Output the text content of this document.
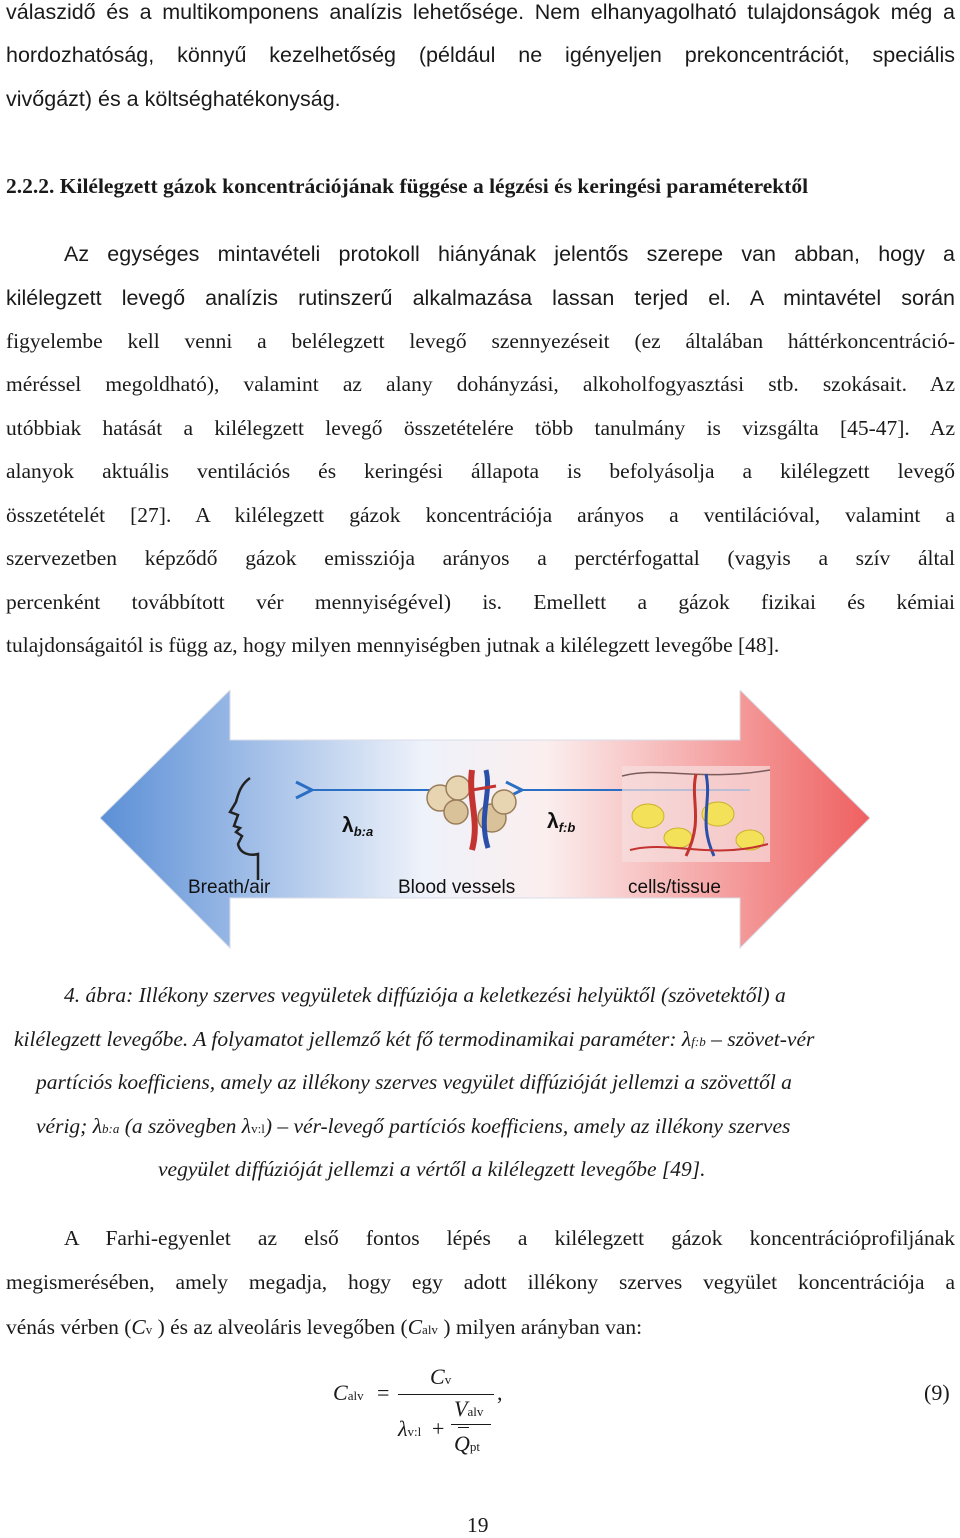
válaszidő és a multikomponens analízis lehetősége. Nem elhanyagolható tulajdonságok még a
hordozhatóság, könnyű kezelhetőség (például ne igényeljen prekoncentrációt, speciális
vivőgázt) és a költséghatékonyság.
2.2.2. Kilélegzett gázok koncentrációjának függése a légzési és keringési paraméterektől
Az egységes mintavételi protokoll hiányának jelentős szerepe van abban, hogy a
kilélegzett levegő analízis rutinszerű alkalmazása lassan terjed el. A mintavétel során
figyelembe kell venni a belélegzett levegő szennyezéseit (ez általában háttérkoncentráció-
méréssel megoldható), valamint az alany dohányzási, alkoholfogyasztási stb. szokásait. Az
utóbbiak hatását a kilélegzett levegő összetételére több tanulmány is vizsgálta [45-47]. Az
alanyok aktuális ventilációs és keringési állapota is befolyásolja a kilélegzett levegő
összetételét [27]. A kilélegzett gázok koncentrációja arányos a ventilációval, valamint a
szervezetben képződő gázok emissziója arányos a perctérfogattal (vagyis a szív által
percenként továbbított vér mennyiségével) is. Emellett a gázok fizikai és kémiai
tulajdonságaitól is függ az, hogy milyen mennyiségben jutnak a kilélegzett levegőbe [48].
λb:a	λf:b
Breath/air	Blood vessels	cells/tissue
4. ábra: Illékony szerves vegyületek diffúziója a keletkezési helyüktől (szövetektől) a
kilélegzett levegőbe. A folyamatot jellemző két fő termodinamikai paraméter: λf:b – szövet-vér
partíciós koefficiens, amely az illékony szerves vegyület diffúzióját jellemzi a szövettől a
vérig; λb:a (a szövegben λv:l) – vér-levegő partíciós koefficiens, amely az illékony szerves
vegyület diffúzióját jellemzi a vértől a kilélegzett levegőbe [49].
A Farhi-egyenlet az első fontos lépés a kilélegzett gázok koncentrációprofiljának
megismerésében, amely megadja, hogy egy adott illékony szerves vegyület koncentrációja a
vénás vérben (Cv ) és az alveoláris levegőben (Calv ) milyen arányban van:
Calv =
Cv
λv:l +
Valv
Qpt
,	(9)
19
